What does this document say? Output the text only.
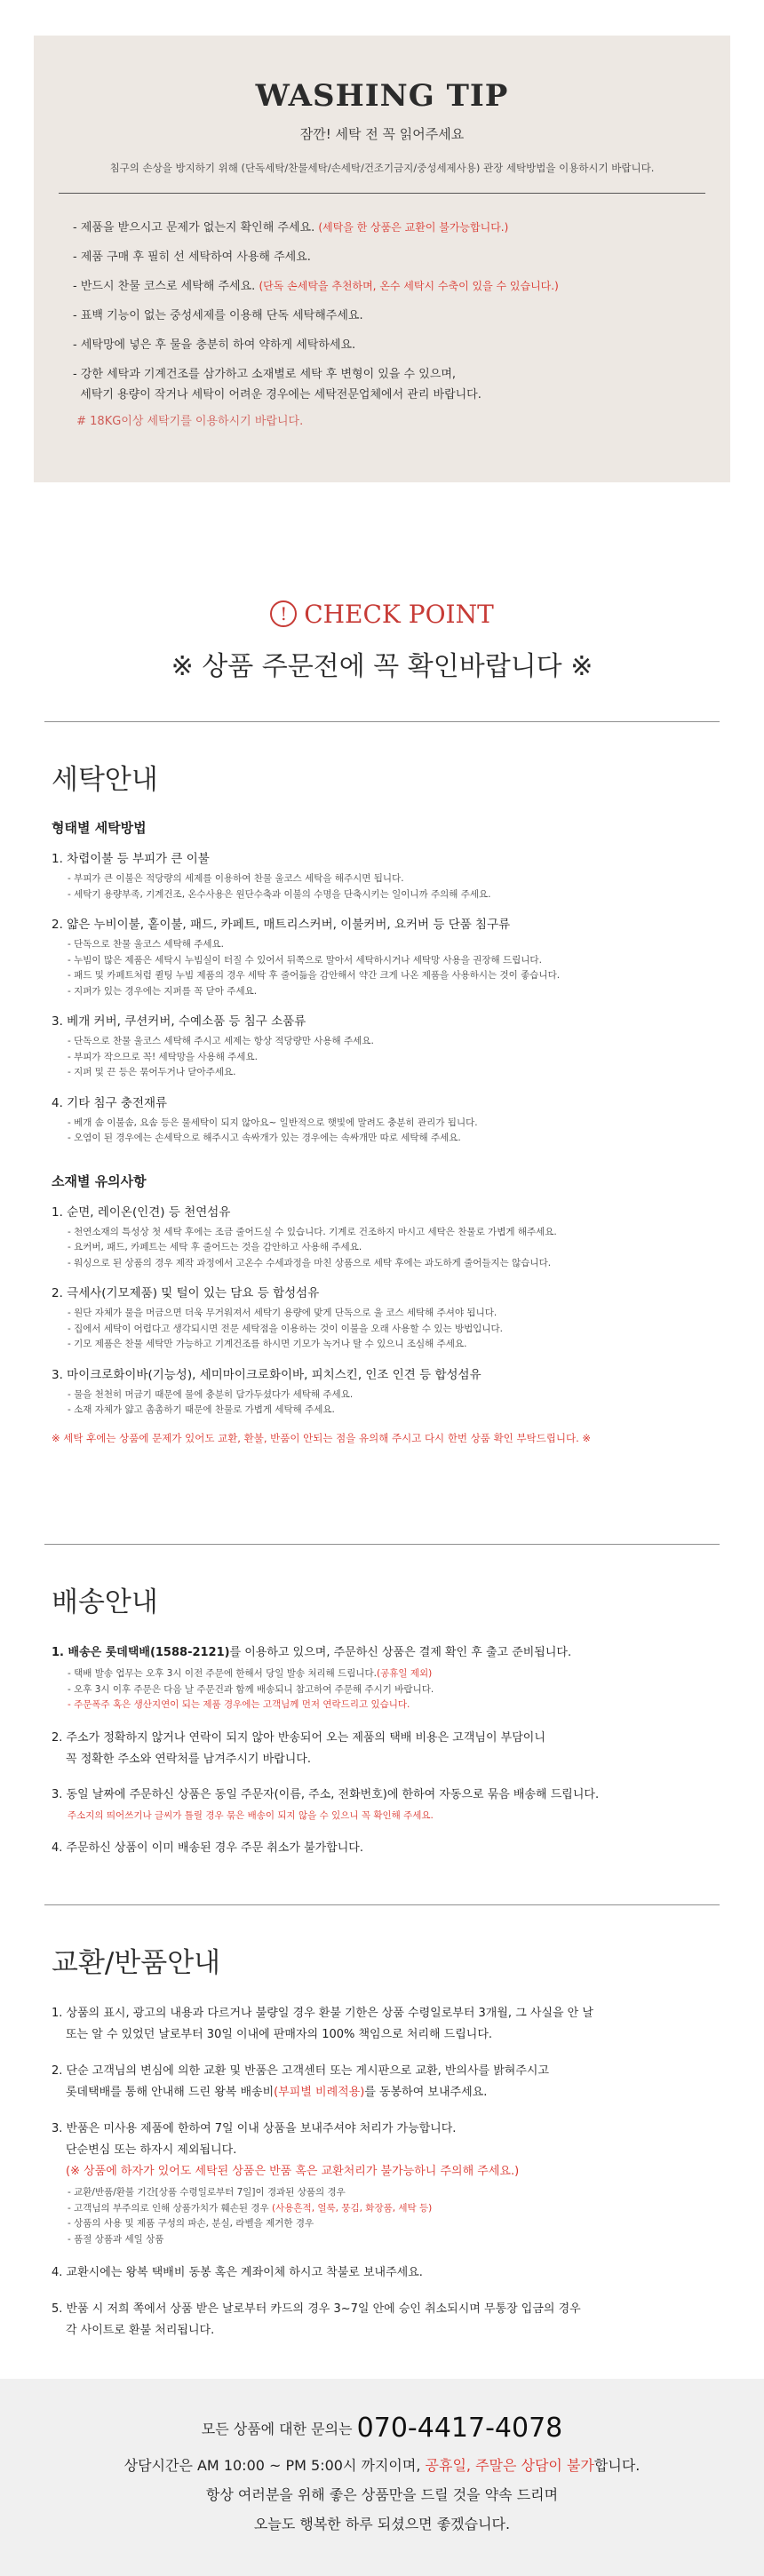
WASHING TIP

잠깐! 세탁 전 꼭 읽어주세요

침구의 손상을 방지하기 위해 (단독세탁/찬물세탁/손세탁/건조기금지/중성세제사용) 관장 세탁방법을 이용하시기 바랍니다.

- 제품을 받으시고 문제가 없는지 확인해 주세요. (세탁을 한 상품은 교환이 불가능합니다.)
- 제품 구매 후 필히 선 세탁하여 사용해 주세요.
- 반드시 찬물 코스로 세탁해 주세요. (단독 손세탁을 추천하며, 온수 세탁시 수축이 있을 수 있습니다.)
- 표백 기능이 없는 중성세제를 이용해 단독 세탁해주세요.
- 세탁망에 넣은 후 물을 충분히 하여 약하게 세탁하세요.
- 강한 세탁과 기계건조를 삼가하고 소재별로 세탁 후 변형이 있을 수 있으며,
세탁기 용량이 작거나 세탁이 어려운 경우에는 세탁전문업체에서 관리 바랍니다.
# 18KG이상 세탁기를 이용하시기 바랍니다.
! CHECK POINT
※ 상품 주문전에 꼭 확인바랍니다 ※
세탁안내
형태별 세탁방법
1. 차렵이불 등 부피가 큰 이불
- 부피가 큰 이불은 적당량의 세제를 이용하여 찬물 울코스 세탁을 해주시면 됩니다.
- 세탁기 용량부족, 기계건조, 온수사용은 원단수축과 이불의 수명을 단축시키는 일이니까 주의해 주세요.
2. 얇은 누비이불, 홑이불, 패드, 카페트, 매트리스커버, 이불커버, 요커버 등 단품 침구류
- 단독으로 찬물 울코스 세탁해 주세요.
- 누빔이 많은 제품은 세탁시 누빔실이 터질 수 있어서 뒤쪽으로 말아서 세탁하시거나 세탁망 사용을 권장해 드립니다.
- 패드 및 카페트처럼 퀼팅 누빔 제품의 경우 세탁 후 줄어듦을 감안해서 약간 크게 나온 제품을 사용하시는 것이 좋습니다.
- 지퍼가 있는 경우에는 지퍼를 꼭 닫아 주세요.
3. 베개 커버, 쿠션커버, 수예소품 등 침구 소품류
- 단독으로 찬물 울코스 세탁해 주시고 세제는 항상 적당량만 사용해 주세요.
- 부피가 작으므로 꼭! 세탁망을 사용해 주세요.
- 지퍼 및 끈 등은 묶어두거나 닫아주세요.
4. 기타 침구 충전재류
- 베개 솜 이불솜, 요솜 등은 물세탁이 되지 않아요~ 일반적으로 햇빛에 말려도 충분히 관리가 됩니다.
- 오염이 된 경우에는 손세탁으로 해주시고 속싸개가 있는 경우에는 속싸개만 따로 세탁해 주세요.
소재별 유의사항
1. 순면, 레이온(인견) 등 천연섬유
- 천연소재의 특성상 첫 세탁 후에는 조금 줄어드실 수 있습니다. 기계로 건조하지 마시고 세탁은 찬물로 가볍게 해주세요.
- 요커버, 패드, 카페트는 세탁 후 줄어드는 것을 감안하고 사용해 주세요.
- 워싱으로 된 상품의 경우 제작 과정에서 고온수 수세과정을 마친 상품으로 세탁 후에는 과도하게 줄어들지는 않습니다.
2. 극세사(기모제품) 및 털이 있는 담요 등 합성섬유
- 원단 자체가 물을 머금으면 더욱 무거워져서 세탁기 용량에 맞게 단독으로 울 코스 세탁해 주셔야 됩니다.
- 집에서 세탁이 어렵다고 생각되시면 전문 세탁점을 이용하는 것이 이불을 오래 사용할 수 있는 방법입니다.
- 기모 제품은 찬물 세탁만 가능하고 기계건조를 하시면 기모가 녹거나 탈 수 있으니 조심해 주세요.
3. 마이크로화이바(기능성), 세미마이크로화이바, 피치스킨, 인조 인견 등 합성섬유
- 물을 천천히 머금기 때문에 물에 충분히 담가두셨다가 세탁해 주세요.
- 소재 자체가 얇고 촘촘하기 때문에 찬물로 가볍게 세탁해 주세요.

※ 세탁 후에는 상품에 문제가 있어도 교환, 환불, 반품이 안되는 점을 유의해 주시고 다시 한번 상품 확인 부탁드립니다. ※

배송안내
1. 배송은 롯데택배(1588-2121)를 이용하고 있으며, 주문하신 상품은 결제 확인 후 출고 준비됩니다.
- 택배 발송 업무는 오후 3시 이전 주문에 한해서 당일 발송 처리해 드립니다.(공휴일 제외)
- 오후 3시 이후 주문은 다음 날 주문건과 함께 배송되니 참고하여 주문해 주시기 바랍니다.
- 주문폭주 혹은 생산지연이 되는 제품 경우에는 고객님께 먼저 연락드리고 있습니다.
2. 주소가 정확하지 않거나 연락이 되지 않아 반송되어 오는 제품의 택배 비용은 고객님이 부담이니
꼭 정확한 주소와 연락처를 남겨주시기 바랍니다.
3. 동일 날짜에 주문하신 상품은 동일 주문자(이름, 주소, 전화번호)에 한하여 자동으로 묶음 배송해 드립니다.
주소지의 띄어쓰기나 글씨가 틀릴 경우 묶은 배송이 되지 않을 수 있으니 꼭 확인해 주세요.
4. 주문하신 상품이 이미 배송된 경우 주문 취소가 불가합니다.
교환/반품안내
1. 상품의 표시, 광고의 내용과 다르거나 불량일 경우 환불 기한은 상품 수령일로부터 3개월, 그 사실을 안 날
또는 알 수 있었던 날로부터 30일 이내에 판매자의 100% 책임으로 처리해 드립니다.
2. 단순 고객님의 변심에 의한 교환 및 반품은 고객센터 또는 게시판으로 교환, 반의사를 밝혀주시고
롯데택배를 통해 안내해 드린 왕복 배송비(부피별 비례적용)를 동봉하여 보내주세요.
3. 반품은 미사용 제품에 한하여 7일 이내 상품을 보내주셔야 처리가 가능합니다.
단순변심 또는 하자시 제외됩니다.
(※ 상품에 하자가 있어도 세탁된 상품은 반품 혹은 교환처리가 불가능하니 주의해 주세요.)
- 교환/반품/환불 기간[상품 수령일로부터 7일]이 경과된 상품의 경우
- 고객님의 부주의로 인해 상품가치가 훼손된 경우 (사용흔적, 얼룩, 뭉김, 화장품, 세탁 등)
- 상품의 사용 및 제품 구성의 파손, 분실, 라벨을 제거한 경우
- 품절 상품과 세일 상품
4. 교환시에는 왕복 택배비 동봉 혹은 계좌이체 하시고 착불로 보내주세요.
5. 반품 시 저희 쪽에서 상품 받은 날로부터 카드의 경우 3~7일 안에 승인 취소되시며 무통장 입금의 경우
각 사이트로 환불 처리됩니다.

모든 상품에 대한 문의는 070-4417-4078

상담시간은 AM 10:00 ~ PM 5:00시 까지이며, 공휴일, 주말은 상담이 불가합니다.

항상 여러분을 위해 좋은 상품만을 드릴 것을 약속 드리며

오늘도 행복한 하루 되셨으면 좋겠습니다.
